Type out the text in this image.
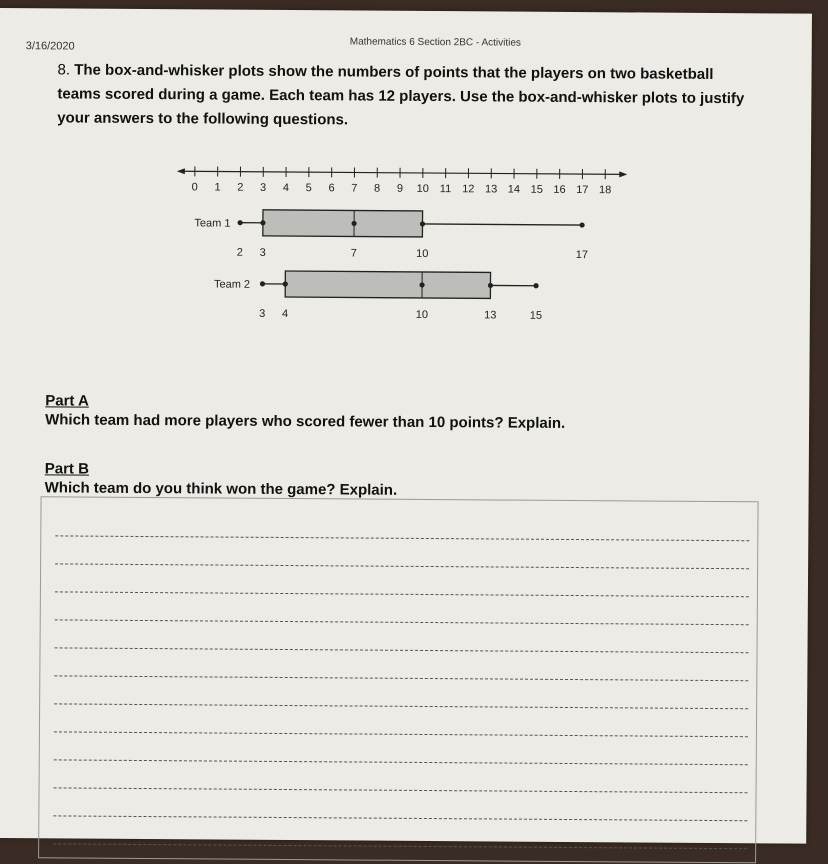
3/16/2020	Mathematics 6 Section 2BC - Activities
8. The box-and-whisker plots show the numbers of points that the players on two basketball teams scored during a game. Each team has 12 players. Use the box-and-whisker plots to justify your answers to the following questions.
0 1 2 3 4 5 6 7 8 9 10 11 12 13 14 15 16 17 18
Team 1
2 3	7	10	17
Team 2
3 4	10	13	15
Part A
Which team had more players who scored fewer than 10 points? Explain.
Part B
Which team do you think won the game? Explain.
